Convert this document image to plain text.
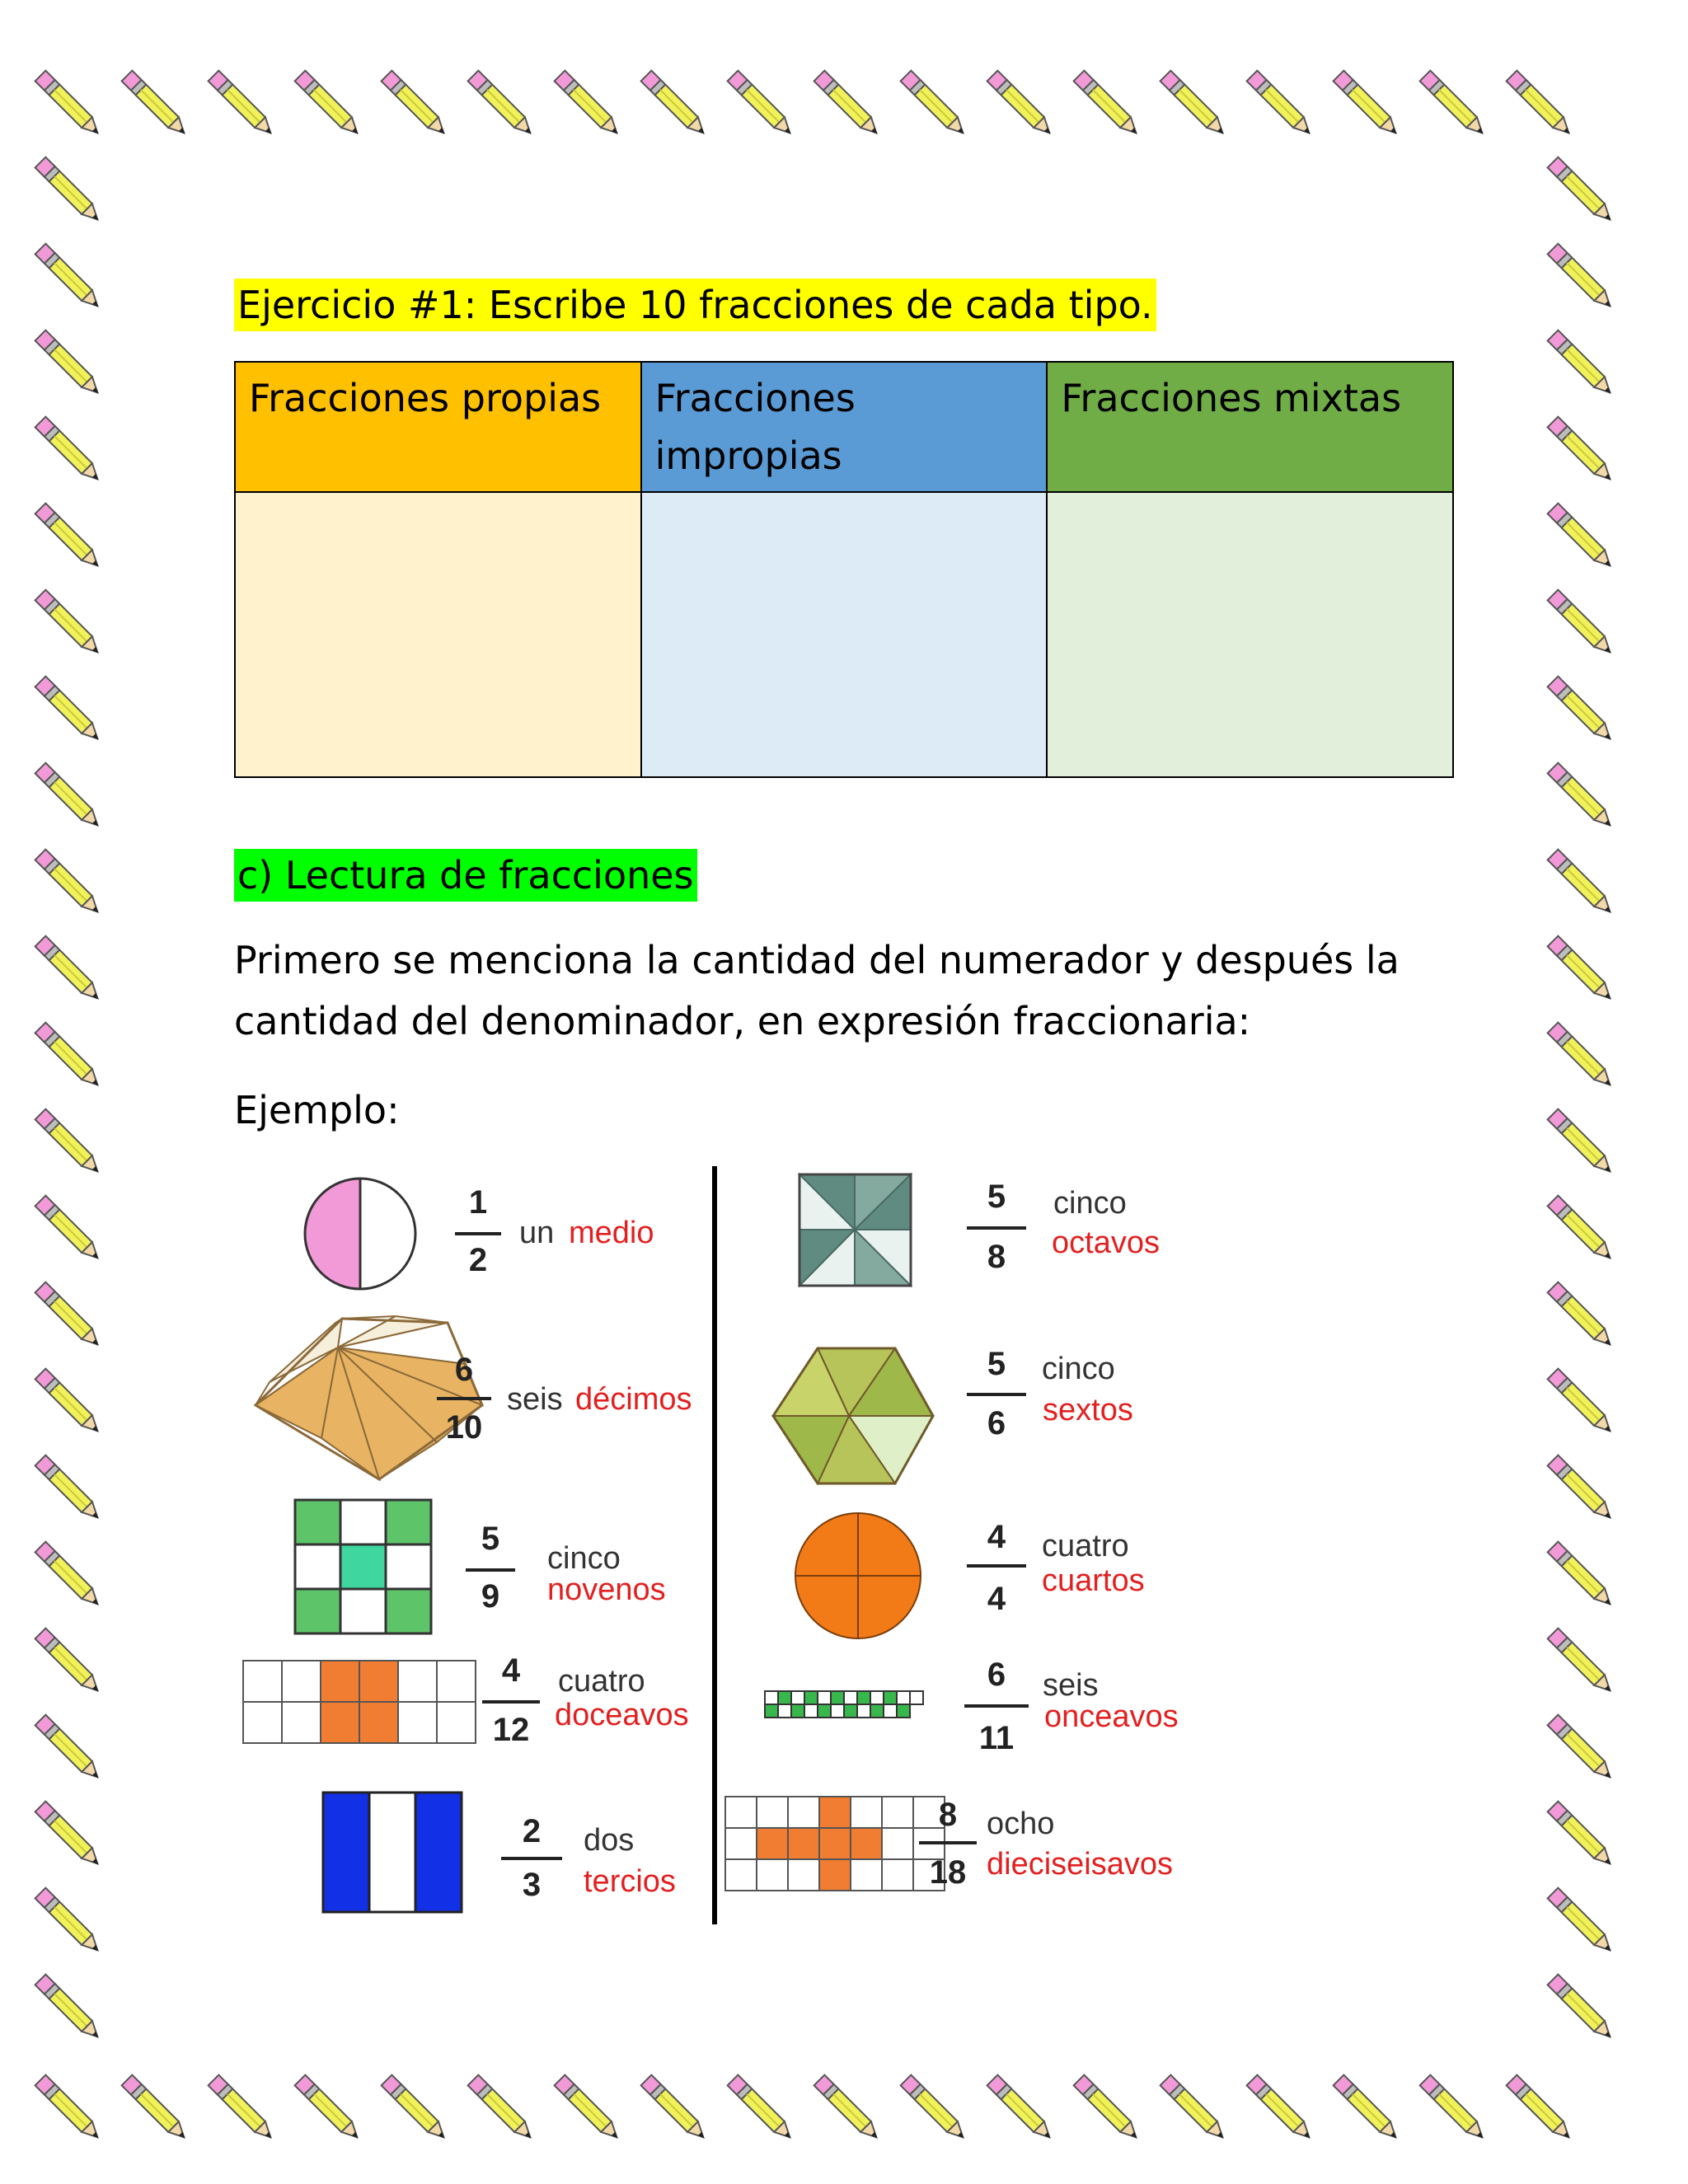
Ejercicio #1: Escribe 10 fracciones de cada tipo.
Fracciones propias	Fracciones impropias	Fracciones mixtas

c) Lectura de fracciones
Primero se menciona la cantidad del numerador y después la cantidad del denominador, en expresión fraccionaria:
Ejemplo:
1
2
un medio
6
10
seis décimos
5
9
cinco
novenos
4
12
cuatro
doceavos
2
3
dos
tercios
5
8
cinco
octavos
5
6
cinco
sextos
4
4
cuatro
cuartos
6
11
seis
onceavos
8
18
ocho
dieciseisavos
